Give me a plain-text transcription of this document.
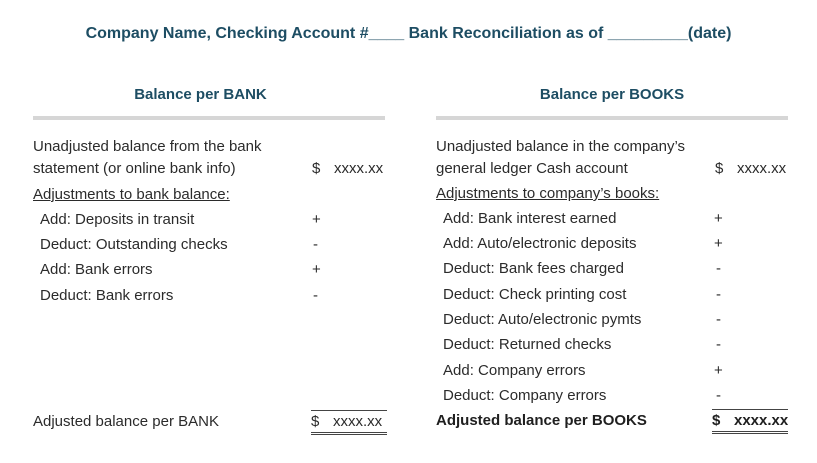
Company Name, Checking Account #____ Bank Reconciliation as of _________(date)
Balance per BANK
Unadjusted balance from the bank
statement (or online bank info)	$ xxxx.xx
Adjustments to bank balance:
Add: Deposits in transit	+
Deduct: Outstanding checks	-
Add: Bank errors	+
Deduct: Bank errors	-
Adjusted balance per BANK	$ xxxx.xx
Balance per BOOKS
Unadjusted balance in the company’s
general ledger Cash account	$ xxxx.xx
Adjustments to company’s books:
Add: Bank interest earned	+
Add: Auto/electronic deposits	+
Deduct: Bank fees charged	-
Deduct: Check printing cost	-
Deduct: Auto/electronic pymts	-
Deduct: Returned checks	-
Add: Company errors	+
Deduct: Company errors	-
Adjusted balance per BOOKS	$ xxxx.xx
